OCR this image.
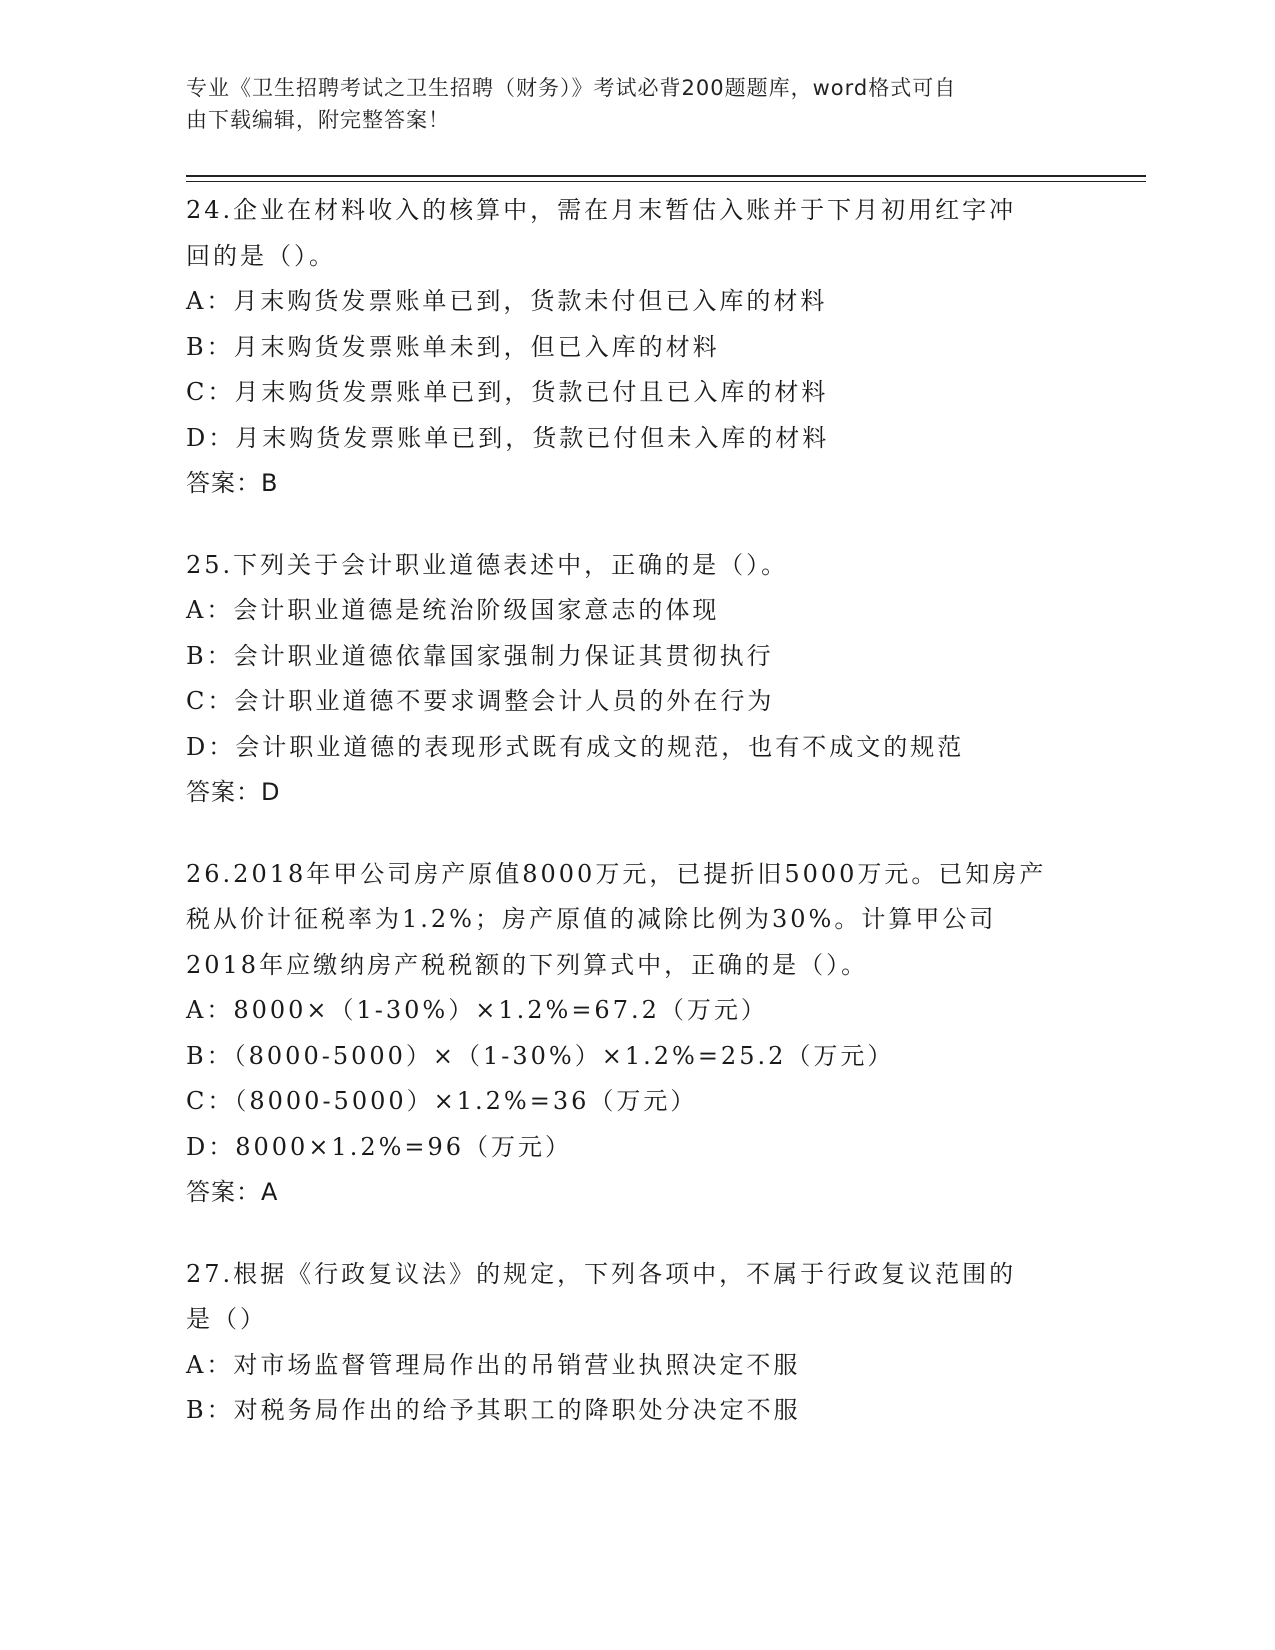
专业《卫生招聘考试之卫生招聘（财务）》考试必背200题题库，word格式可自
由下载编辑，附完整答案！
24.企业在材料收入的核算中，需在月末暂估入账并于下月初用红字冲
回的是（）。
A：月末购货发票账单已到，货款未付但已入库的材料
B：月末购货发票账单未到，但已入库的材料
C：月末购货发票账单已到，货款已付且已入库的材料
D：月末购货发票账单已到，货款已付但未入库的材料
答案：B
25.下列关于会计职业道德表述中，正确的是（）。
A：会计职业道德是统治阶级国家意志的体现
B：会计职业道德依靠国家强制力保证其贯彻执行
C：会计职业道德不要求调整会计人员的外在行为
D：会计职业道德的表现形式既有成文的规范，也有不成文的规范
答案：D
26.2018年甲公司房产原值8000万元，已提折旧5000万元。已知房产
税从价计征税率为1.2%；房产原值的减除比例为30%。计算甲公司
2018年应缴纳房产税税额的下列算式中，正确的是（）。
A：8000×（1-30%）×1.2%=67.2（万元）
B：（8000-5000）×（1-30%）×1.2%=25.2（万元）
C：（8000-5000）×1.2%=36（万元）
D：8000×1.2%=96（万元）
答案：A
27.根据《行政复议法》的规定，下列各项中，不属于行政复议范围的
是（）
A：对市场监督管理局作出的吊销营业执照决定不服
B：对税务局作出的给予其职工的降职处分决定不服
